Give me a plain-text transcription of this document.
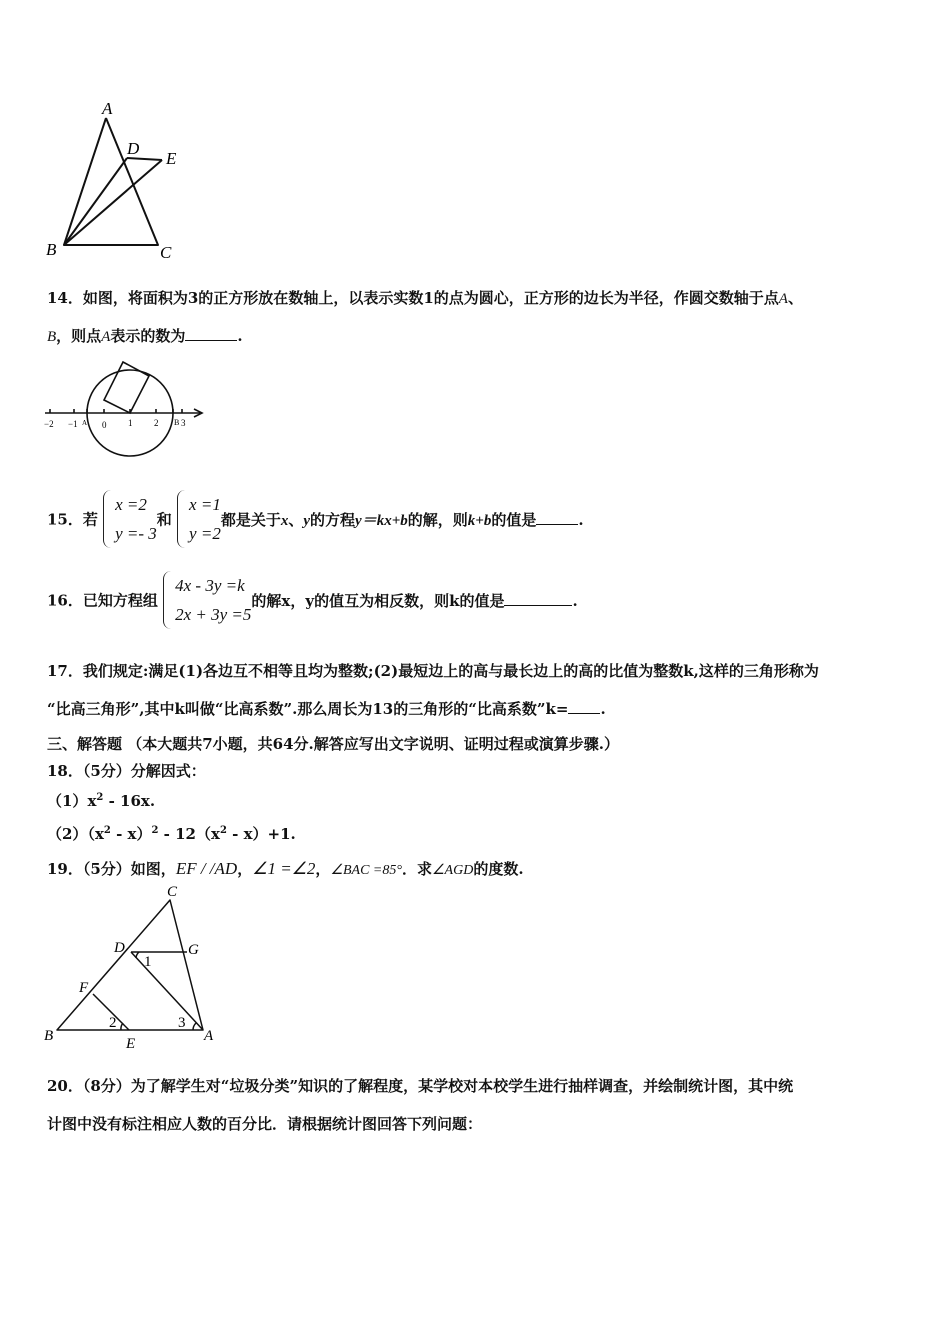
A
D
E
B	C
14．如图，将面积为3的正方形放在数轴上，以表示实数1的点为圆心，正方形的边长为半径，作圆交数轴于点A、
B，则点A表示的数为	.
−2 −1 A 0 1 2 B 3
15．若
x =2
y =- 3
和
x =1
y =2
都是关于x、y的方程y＝kx+b的解，则k+b的值是	.
16．已知方程组
4x - 3y =k
2x + 3y =5
的解x，y的值互为相反数，则k的值是	.
17．我们规定:满足(1)各边互不相等且均为整数;(2)最短边上的高与最长边上的高的比值为整数k,这样的三角形称为
“比高三角形”,其中k叫做“比高系数”.那么周长为13的三角形的“比高系数”k= .
三、解答题 （本大题共7小题，共64分.解答应写出文字说明、证明过程或演算步骤.）
18．（5分）分解因式：
$(1)x^2 - 16x$.
$(2)(x^2 - x)^2 - 12(x^2 - x)+1$.
19．（5分）如图，EF / /AD，∠1 =∠2，∠BAC =85°．求∠AGD的度数.
C
D	G
1
F
2	3
B	E	A
20．（8分）为了解学生对“垃圾分类”知识的了解程度，某学校对本校学生进行抽样调查，并绘制统计图，其中统
计图中没有标注相应人数的百分比．请根据统计图回答下列问题：
